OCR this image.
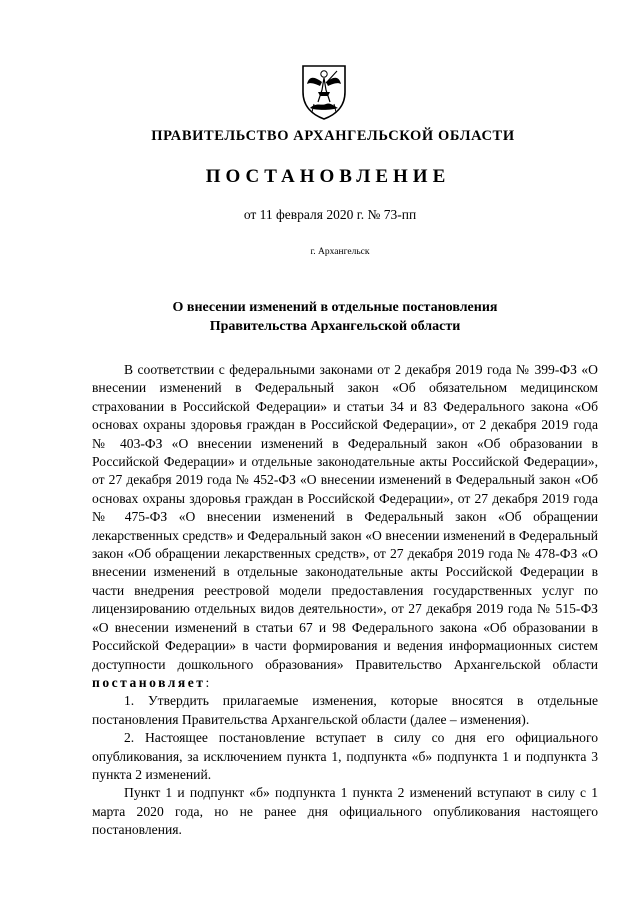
ПРАВИТЕЛЬСТВО АРХАНГЕЛЬСКОЙ ОБЛАСТИ
ПОСТАНОВЛЕНИЕ
от 11 февраля 2020 г. № 73-пп
г. Архангельск
О внесении изменений в отдельные постановления
Правительства Архангельской области

В соответствии с федеральными законами от 2 декабря 2019 года № 399-ФЗ «О внесении изменений в Федеральный закон «Об обязательном медицинском страховании в Российской Федерации» и статьи 34 и 83 Федерального закона «Об основах охраны здоровья граждан в Российской Федерации», от 2 декабря 2019 года № 403-ФЗ «О внесении изменений в Федеральный закон «Об образовании в Российской Федерации» и отдельные законодательные акты Российской Федерации», от 27 декабря 2019 года № 452-ФЗ «О внесении изменений в Федеральный закон «Об основах охраны здоровья граждан в Российской Федерации», от 27 декабря 2019 года № 475-ФЗ «О внесении изменений в Федеральный закон «Об обращении лекарственных средств» и Федеральный закон «О внесении изменений в Федеральный закон «Об обращении лекарственных средств», от 27 декабря 2019 года № 478-ФЗ «О внесении изменений в отдельные законодательные акты Российской Федерации в части внедрения реестровой модели предоставления государственных услуг по лицензированию отдельных видов деятельности», от 27 декабря 2019 года № 515-ФЗ «О внесении изменений в статьи 67 и 98 Федерального закона «Об образовании в Российской Федерации» в части формирования и ведения информационных систем доступности дошкольного образования» Правительство Архангельской области постановляет:

1. Утвердить прилагаемые изменения, которые вносятся в отдельные постановления Правительства Архангельской области (далее – изменения).

2. Настоящее постановление вступает в силу со дня его официального опубликования, за исключением пункта 1, подпункта «б» подпункта 1 и подпункта 3 пункта 2 изменений.

Пункт 1 и подпункт «б» подпункта 1 пункта 2 изменений вступают в силу с 1 марта 2020 года, но не ранее дня официального опубликования настоящего постановления.
